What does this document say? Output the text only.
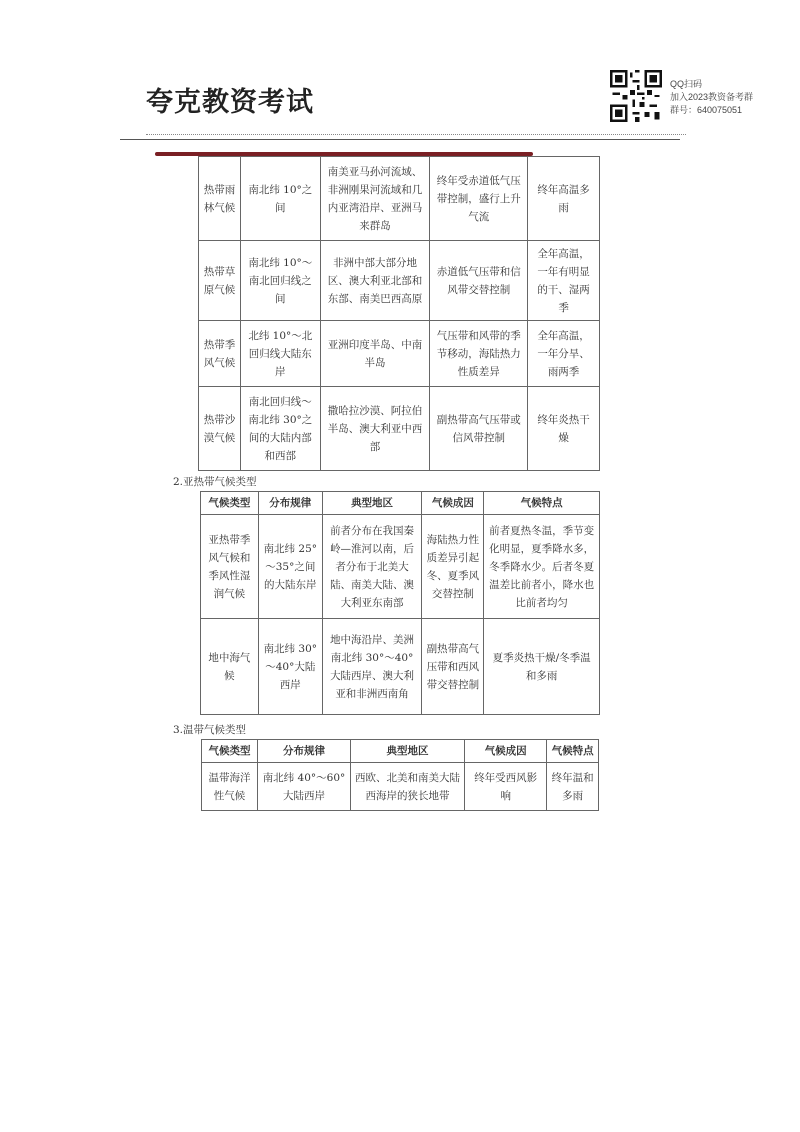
夸克教资考试
QQ扫码
加入2023教资备考群
群号：640075051
热带雨林气候	南北纬 10°之间	南美亚马孙河流域、非洲刚果河流域和几内亚湾沿岸、亚洲马来群岛	终年受赤道低气压带控制，盛行上升气流	终年高温多雨
热带草原气候	南北纬 10°～南北回归线之间	非洲中部大部分地区、澳大利亚北部和东部、南美巴西高原	赤道低气压带和信风带交替控制	全年高温，一年有明显的干、湿两季
热带季风气候	北纬 10°～北回归线大陆东岸	亚洲印度半岛、中南半岛	气压带和风带的季节移动，海陆热力性质差异	全年高温，一年分旱、雨两季
热带沙漠气候	南北回归线～南北纬 30°之间的大陆内部和西部	撒哈拉沙漠、阿拉伯半岛、澳大利亚中西部	副热带高气压带或信风带控制	终年炎热干燥
2.亚热带气候类型
气候类型	分布规律	典型地区	气候成因	气候特点
亚热带季风气候和季风性湿润气候	南北纬 25°～35°之间的大陆东岸	前者分布在我国秦岭—淮河以南，后者分布于北美大陆、南美大陆、澳大利亚东南部	海陆热力性质差异引起冬、夏季风交替控制	前者夏热冬温，季节变化明显，夏季降水多，冬季降水少。后者冬夏温差比前者小，降水也比前者均匀
地中海气候	南北纬 30°～40°大陆西岸	地中海沿岸、美洲南北纬 30°～40°大陆西岸、澳大利亚和非洲西南角	副热带高气压带和西风带交替控制	夏季炎热干燥/冬季温和多雨
3.温带气候类型
气候类型	分布规律	典型地区	气候成因	气候特点
温带海洋性气候	南北纬 40°～60°大陆西岸	西欧、北美和南美大陆西海岸的狭长地带	终年受西风影响	终年温和多雨
